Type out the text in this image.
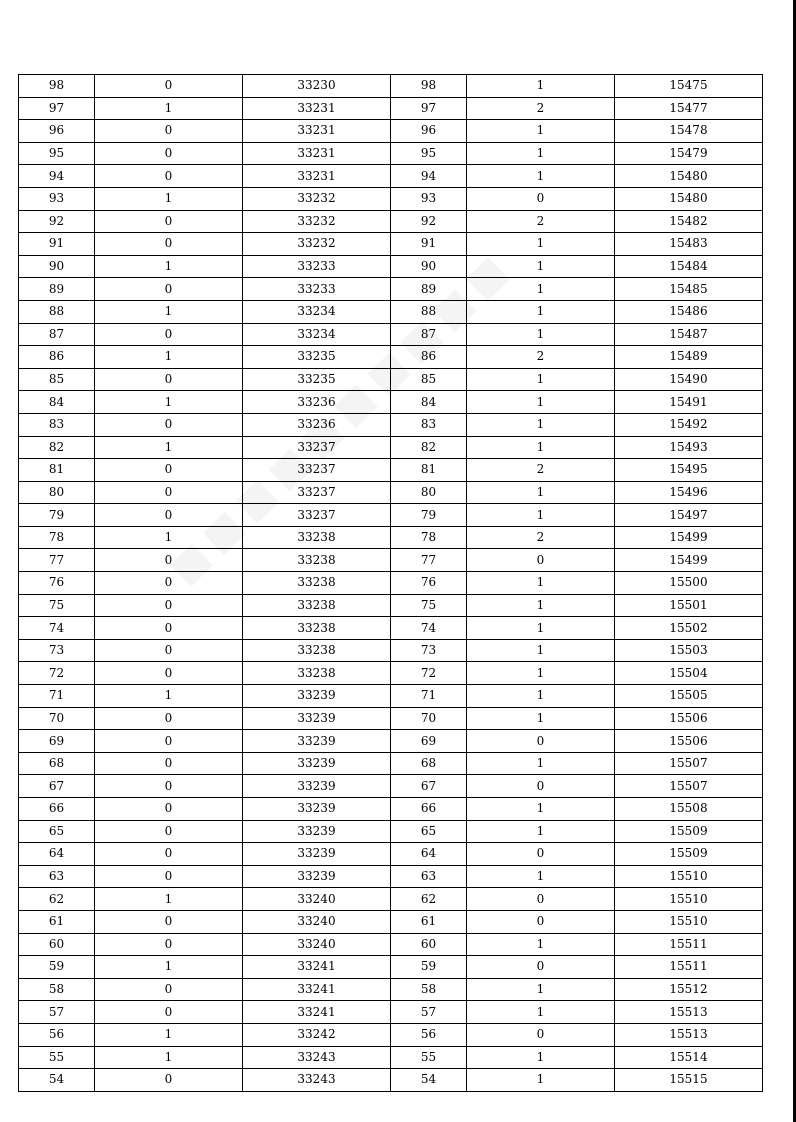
98	0	33230	98	1	15475
97	1	33231	97	2	15477
96	0	33231	96	1	15478
95	0	33231	95	1	15479
94	0	33231	94	1	15480
93	1	33232	93	0	15480
92	0	33232	92	2	15482
91	0	33232	91	1	15483
90	1	33233	90	1	15484
89	0	33233	89	1	15485
88	1	33234	88	1	15486
87	0	33234	87	1	15487
86	1	33235	86	2	15489
85	0	33235	85	1	15490
84	1	33236	84	1	15491
83	0	33236	83	1	15492
82	1	33237	82	1	15493
81	0	33237	81	2	15495
80	0	33237	80	1	15496
79	0	33237	79	1	15497
78	1	33238	78	2	15499
77	0	33238	77	0	15499
76	0	33238	76	1	15500
75	0	33238	75	1	15501
74	0	33238	74	1	15502
73	0	33238	73	1	15503
72	0	33238	72	1	15504
71	1	33239	71	1	15505
70	0	33239	70	1	15506
69	0	33239	69	0	15506
68	0	33239	68	1	15507
67	0	33239	67	0	15507
66	0	33239	66	1	15508
65	0	33239	65	1	15509
64	0	33239	64	0	15509
63	0	33239	63	1	15510
62	1	33240	62	0	15510
61	0	33240	61	0	15510
60	0	33240	60	1	15511
59	1	33241	59	0	15511
58	0	33241	58	1	15512
57	0	33241	57	1	15513
56	1	33242	56	0	15513
55	1	33243	55	1	15514
54	0	33243	54	1	15515
